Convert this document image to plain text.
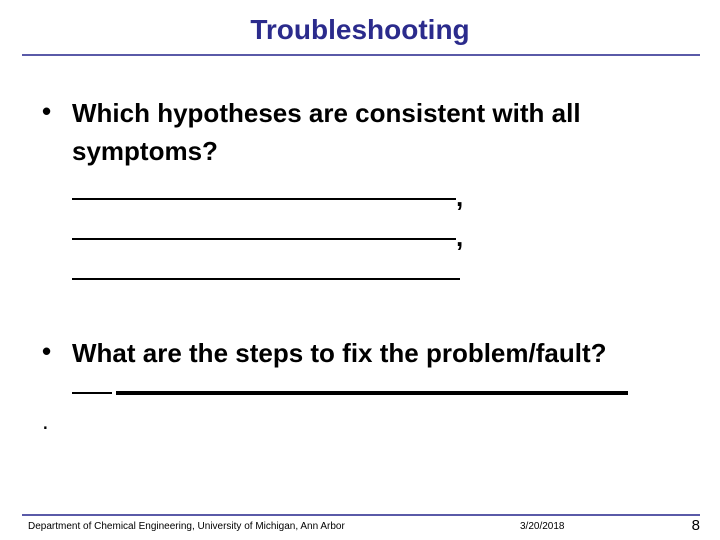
Troubleshooting
• Which hypotheses are consistent with all
symptoms?
,
,
• What are the steps to fix the problem/fault?
.
Department of Chemical Engineering, University of Michigan, Ann Arbor	3/20/2018	8
